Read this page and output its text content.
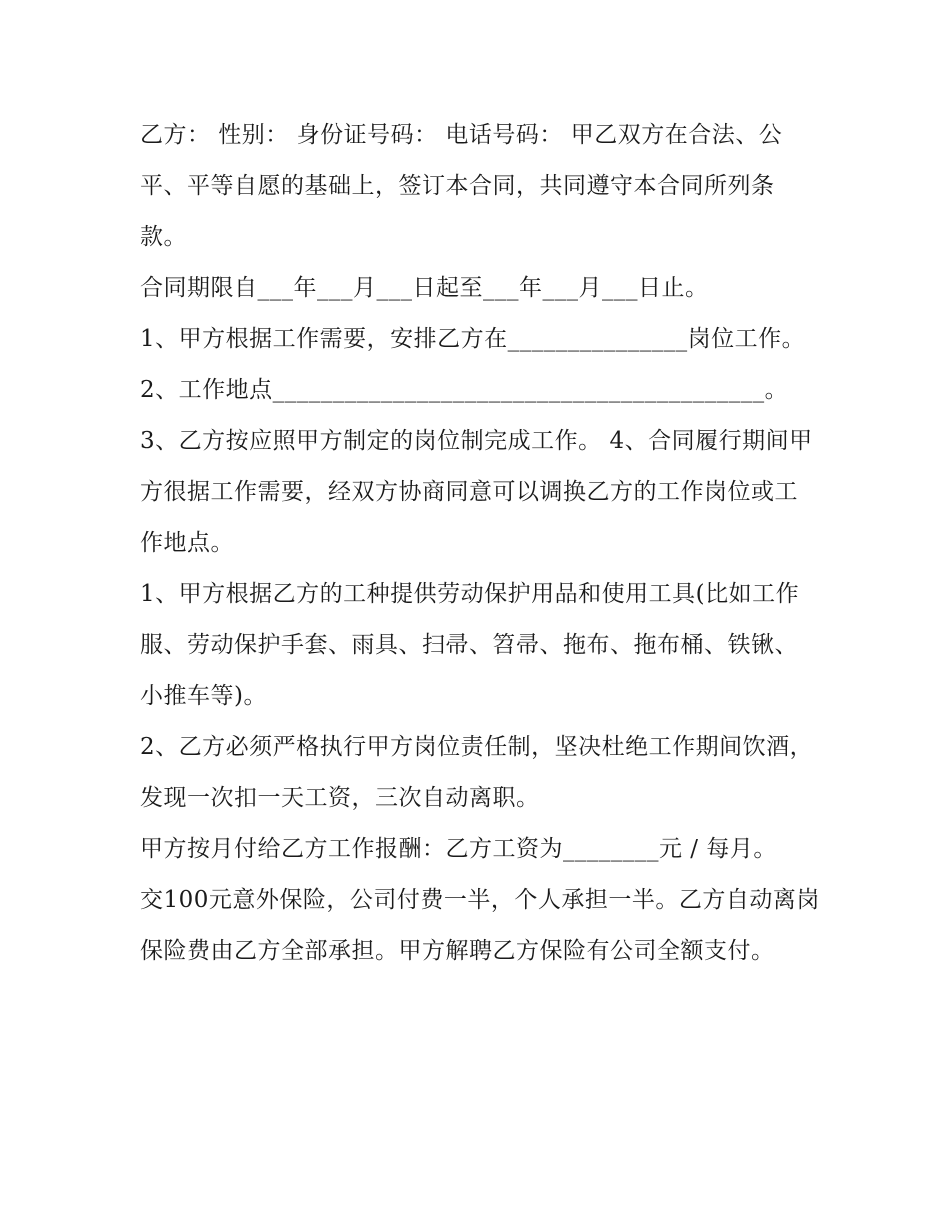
乙方： 性别： 身份证号码： 电话号码： 甲乙双方在合法、公平、平等自愿的基础上，签订本合同，共同遵守本合同所列条款。

合同期限自___年___月___日起至___年___月___日止。

1、甲方根据工作需要，安排乙方在_______________岗位工作。

2、工作地点_________________________________________。

3、乙方按应照甲方制定的岗位制完成工作。 4、合同履行期间甲方很据工作需要，经双方协商同意可以调换乙方的工作岗位或工作地点。

1、甲方根据乙方的工种提供劳动保护用品和使用工具(比如工作服、劳动保护手套、雨具、扫帚、笤帚、拖布、拖布桶、铁锹、小推车等)。

2、乙方必须严格执行甲方岗位责任制，坚决杜绝工作期间饮酒，发现一次扣一天工资，三次自动离职。

甲方按月付给乙方工作报酬：乙方工资为________元 / 每月。

交100元意外保险，公司付费一半，个人承担一半。乙方自动离岗保险费由乙方全部承担。甲方解聘乙方保险有公司全额支付。
